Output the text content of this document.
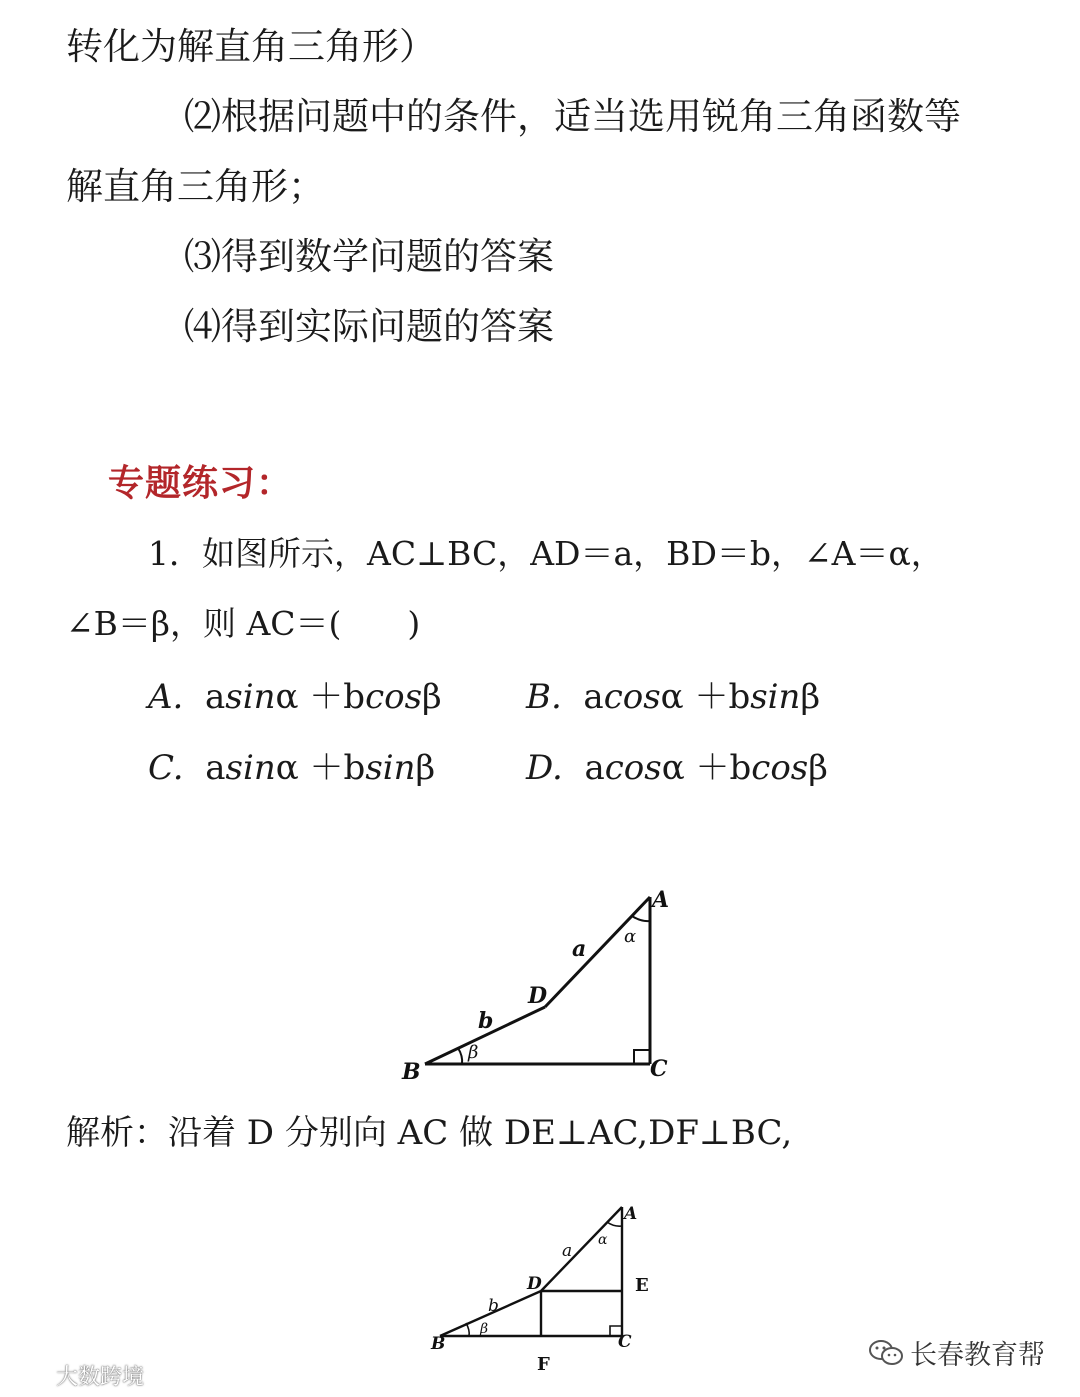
转化为解直角三角形）
⑵根据问题中的条件，适当选用锐角三角函数等
解直角三角形；
⑶得到数学问题的答案
⑷得到实际问题的答案
专题练习：
1．如图所示，AC⊥BC，AD＝a，BD＝b，∠A＝α，
∠B＝β，则 AC＝(　　)
A. asinα ＋bcosβ B. acosα ＋bsinβ
C. asinα ＋bsinβ	D. acosα ＋bcosβ
A
B	C
D
a
b
α
β
解析：沿着 D 分别向 AC 做 DE⊥AC,DF⊥BC,
A
B	C
D
a
b
α
β
E
F	长春教育帮
大数跨境
